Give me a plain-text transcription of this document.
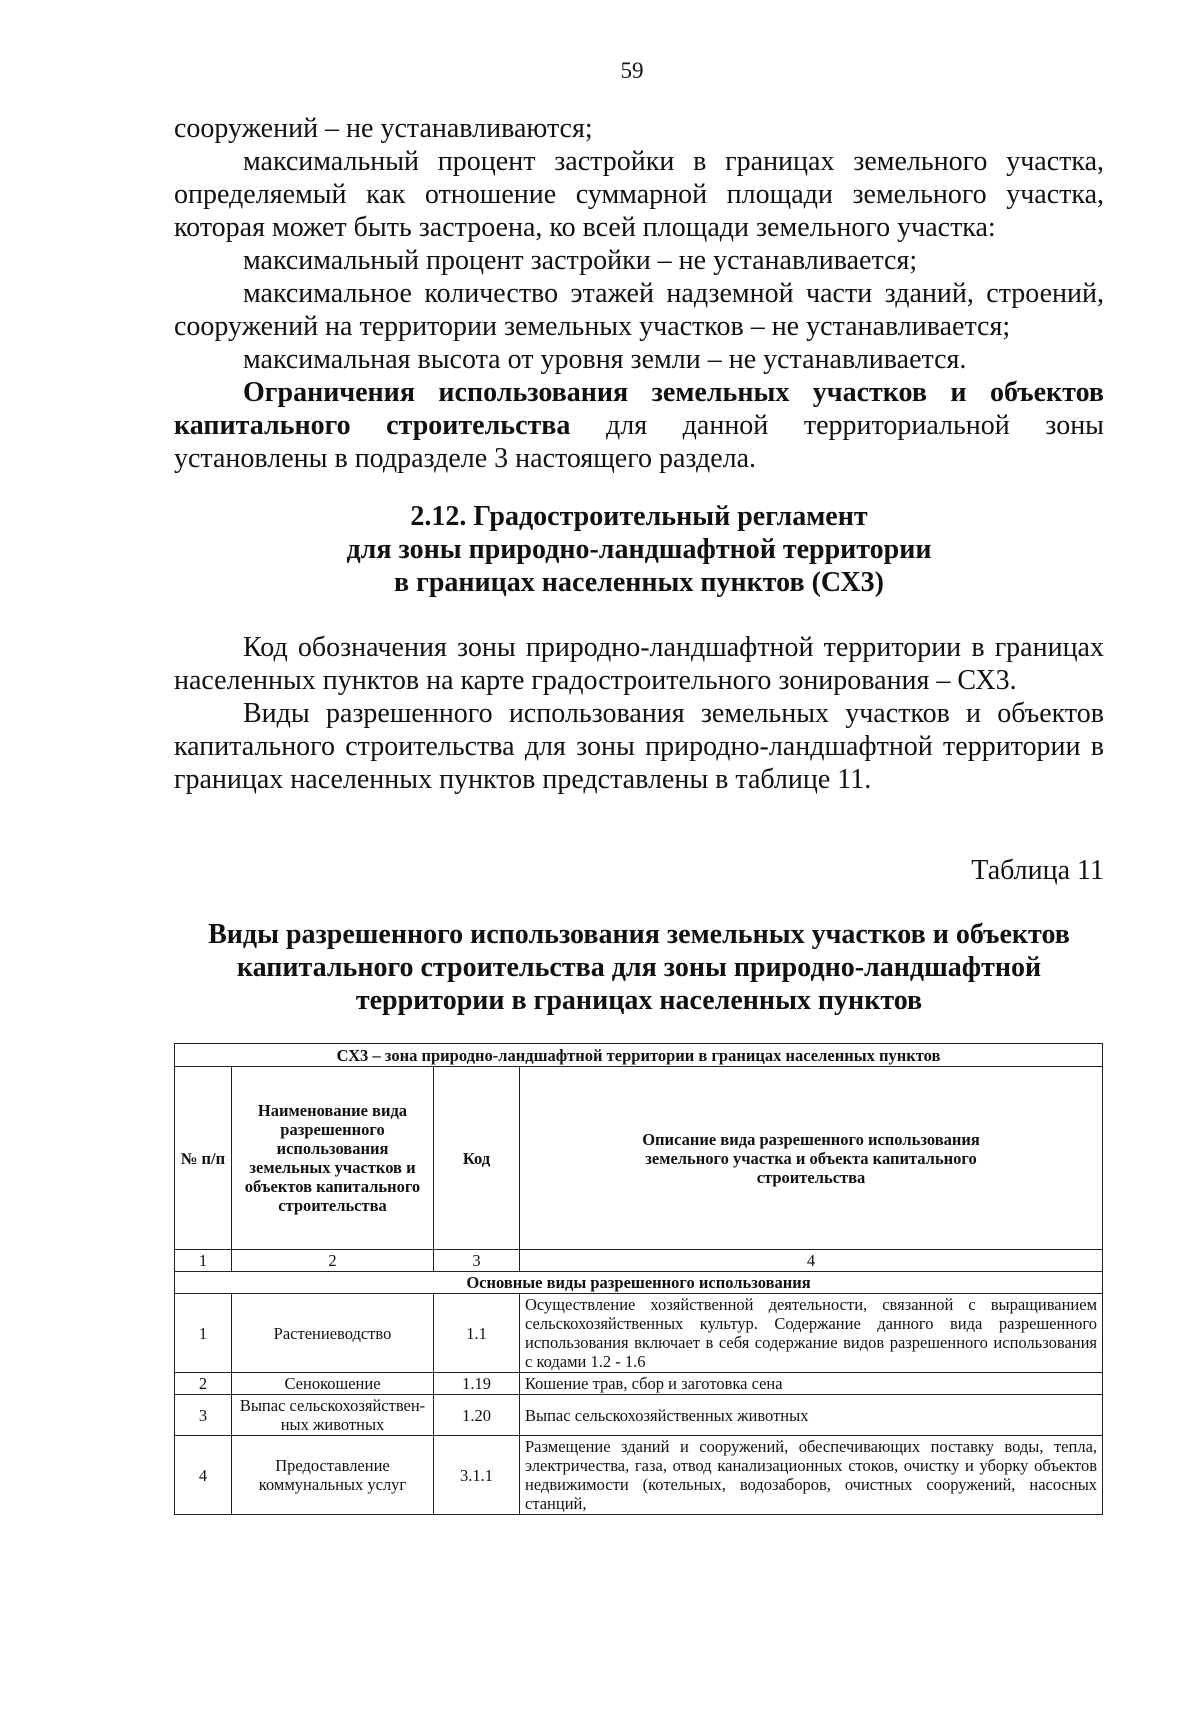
59

сооружений – не устанавливаются;

максимальный процент застройки в границах земельного участка, определяемый как отношение суммарной площади земельного участка, которая может быть застроена, ко всей площади земельного участка:

максимальный процент застройки – не устанавливается;

максимальное количество этажей надземной части зданий, строений, сооружений на территории земельных участков – не устанавливается;

максимальная высота от уровня земли – не устанавливается.

Ограничения использования земельных участков и объектов капитального строительства для данной территориальной зоны установлены в подразделе 3 настоящего раздела.

2.12. Градостроительный регламент
для зоны природно-ландшафтной территории
в границах населенных пунктов (СХ3)

Код обозначения зоны природно-ландшафтной территории в границах населенных пунктов на карте градостроительного зонирования – СХ3.

Виды разрешенного использования земельных участков и объектов капитального строительства для зоны природно-ландшафтной территории в границах населенных пунктов представлены в таблице 11.

Таблица 11
Виды разрешенного использования земельных участков и объектов
капитального строительства для зоны природно-ландшафтной
территории в границах населенных пунктов
СХ3 – зона природно-ландшафтной территории в границах населенных пунктов			
№ п/п	Наименование вида разрешенного использования земельных участков и объектов капитального строительства	Код	Описание вида разрешенного использования земельного участка и объекта капитального строительства
1	2	3	4
Основные виды разрешенного использования			
1	Растениеводство	1.1	Осуществление хозяйственной деятельности, связанной с выращиванием сельскохозяйственных культур. Содержание данного вида разрешенного использования включает в себя содержание видов разрешенного использования с кодами 1.2 - 1.6
2	Сенокошение	1.19	Кошение трав, сбор и заготовка сена
3	Выпас сельскохозяйствен-ных животных	1.20	Выпас сельскохозяйственных животных
4	Предоставление коммунальных услуг	3.1.1	Размещение зданий и сооружений, обеспечивающих поставку воды, тепла, электричества, газа, отвод канализационных стоков, очистку и уборку объектов недвижимости (котельных, водозаборов, очистных сооружений, насосных станций,
